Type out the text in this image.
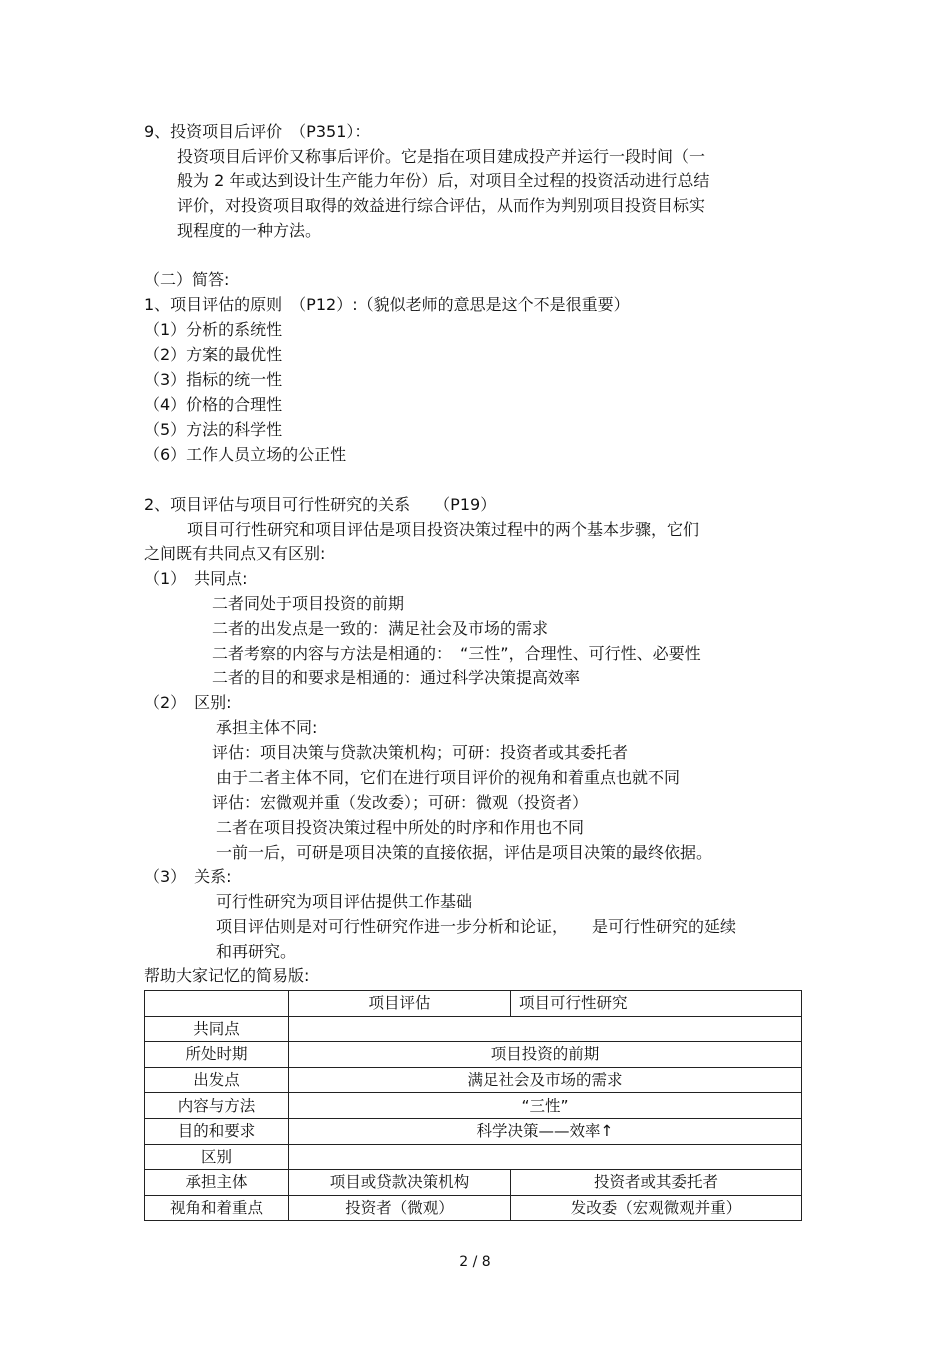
9、投资项目后评价　（P351）：
投资项目后评价又称事后评价。它是指在项目建成投产并运行一段时间（一
般为 2 年或达到设计生产能力年份）后，对项目全过程的投资活动进行总结
评价，对投资项目取得的效益进行综合评估，从而作为判别项目投资目标实
现程度的一种方法。
（二）简答:
1、项目评估的原则　（P12）:（貌似老师的意思是这个不是很重要）
（1）分析的系统性
（2）方案的最优性
（3）指标的统一性
（4）价格的合理性
（5）方法的科学性
（6）工作人员立场的公正性
2、项目评估与项目可行性研究的关系　　（P19）
项目可行性研究和项目评估是项目投资决策过程中的两个基本步骤，它们
之间既有共同点又有区别:
（1）　共同点:
二者同处于项目投资的前期
二者的出发点是一致的：满足社会及市场的需求
二者考察的内容与方法是相通的：　“三性”，合理性、可行性、必要性
二者的目的和要求是相通的：通过科学决策提高效率
（2）　区别:
承担主体不同:
评估：项目决策与贷款决策机构；可研：投资者或其委托者
由于二者主体不同，它们在进行项目评价的视角和着重点也就不同
评估：宏微观并重（发改委）；可研：微观（投资者）
二者在项目投资决策过程中所处的时序和作用也不同
一前一后，可研是项目决策的直接依据，评估是项目决策的最终依据。
（3）　关系:
可行性研究为项目评估提供工作基础
项目评估则是对可行性研究作进一步分析和论证，　　是可行性研究的延续
和再研究。
帮助大家记忆的简易版:
	项目评估	项目可行性研究
共同点		
所处时期	项目投资的前期	
出发点	满足社会及市场的需求	
内容与方法	“三性”	
目的和要求	科学决策——效率↑	
区别		
承担主体	项目或贷款决策机构	投资者或其委托者
视角和着重点	投资者（微观）	发改委（宏观微观并重）
2 / 8
